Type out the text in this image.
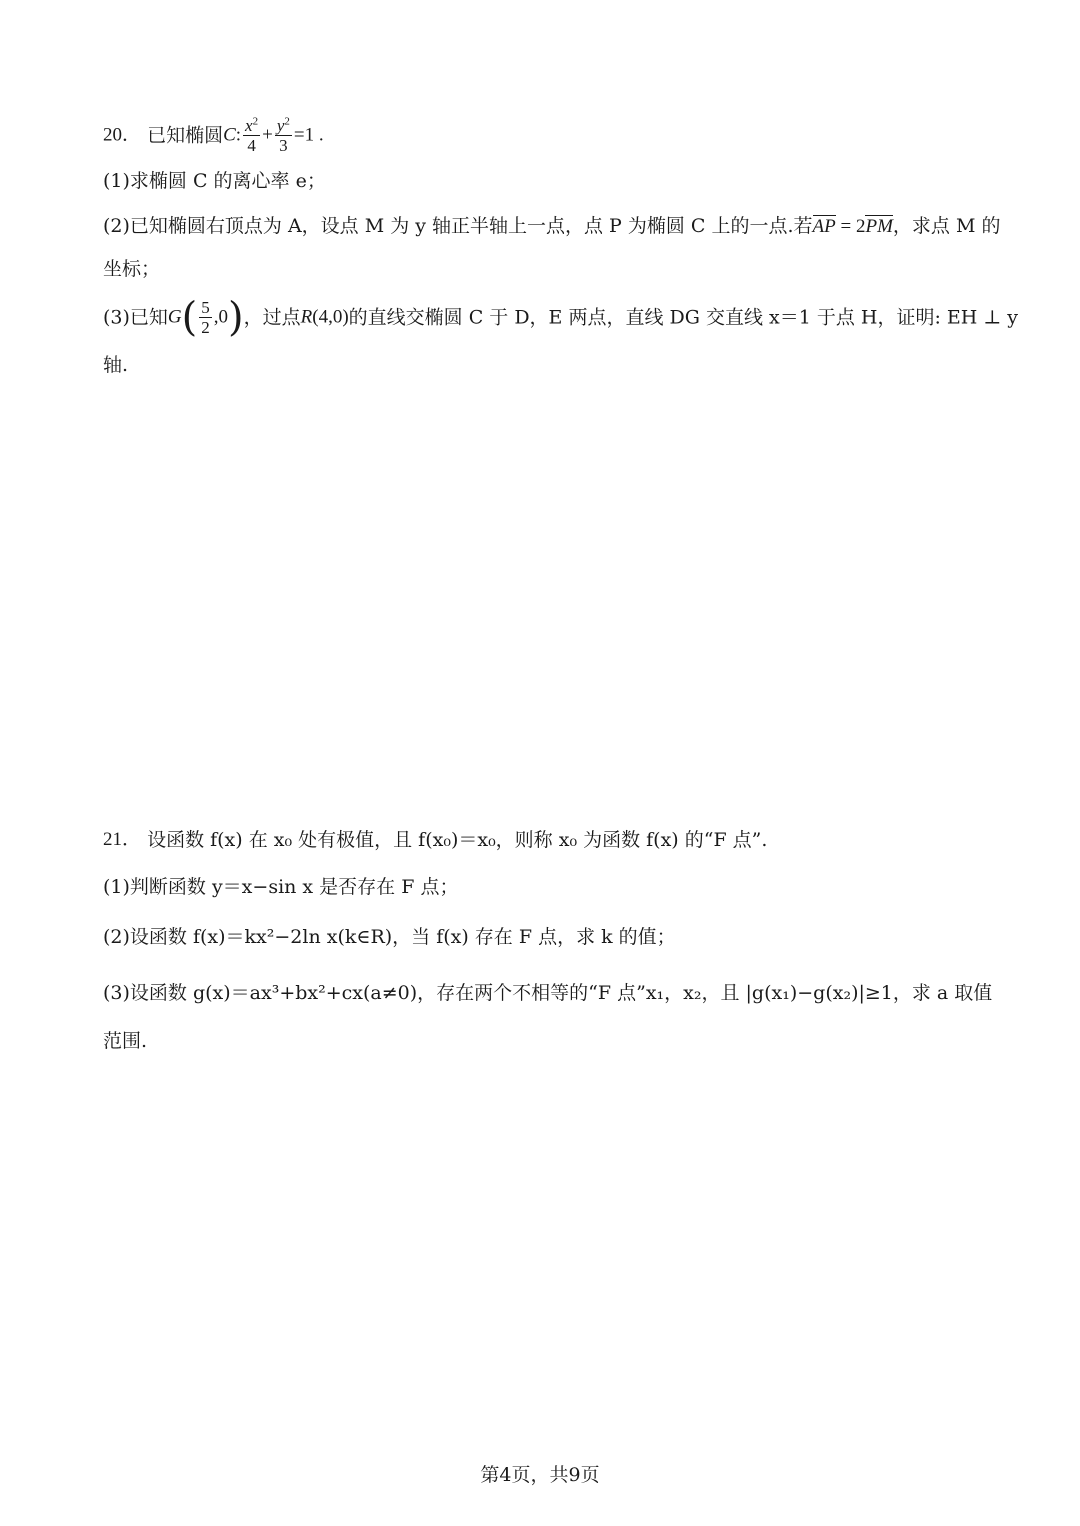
20． 已知椭圆C: $\frac{x^2}{4} + \frac{y^2}{3} =1$ .
(1)求椭圆 C 的离心率 e；
(2)已知椭圆右顶点为 A，设点 M 为 y 轴正半轴上一点，点 P 为椭圆 C 上的一点.若AP = 2PM，求点 M 的
坐标；
(3)已知$G( \frac{5}{2} ,0)$，过点R(4,0)的直线交椭圆 C 于 D，E 两点，直线 DG 交直线 x＝1 于点 H，证明: EH ⊥ y
轴.
21． 设函数 f(x) 在 x₀ 处有极值，且 f(x₀)＝x₀，则称 x₀ 为函数 f(x) 的“F 点”.
(1)判断函数 y＝x−sin x 是否存在 F 点；
(2)设函数 f(x)＝kx²−2ln x(k∈R)，当 f(x) 存在 F 点，求 k 的值；
(3)设函数 g(x)＝ax³+bx²+cx(a≠0)，存在两个不相等的“F 点”x₁，x₂，且 |g(x₁)−g(x₂)|≥1，求 a 取值
范围.
第4页，共9页
